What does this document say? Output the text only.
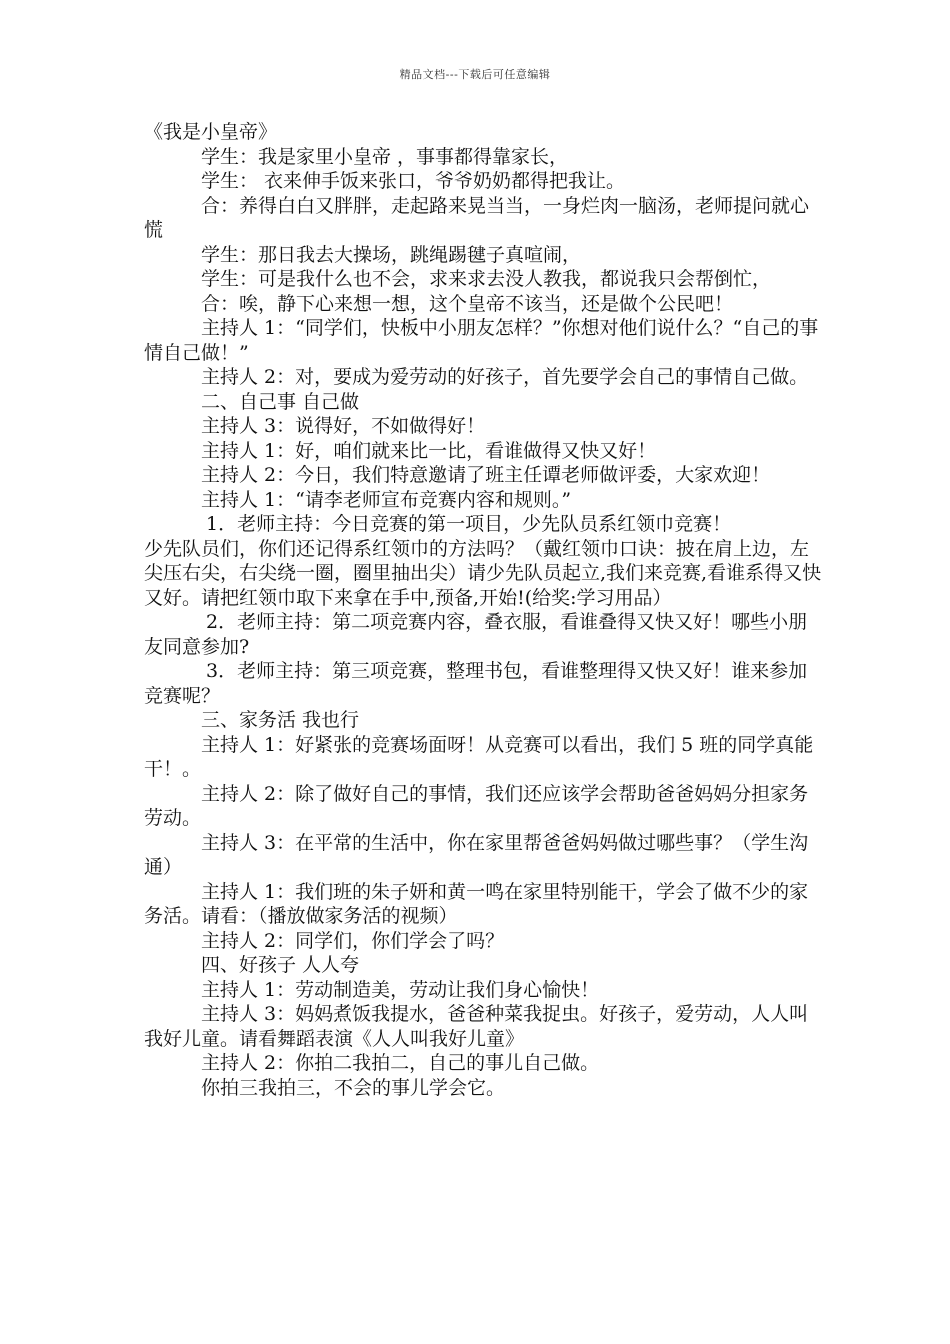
精品文档---下载后可任意编辑

《我是小皇帝》

学生：我是家里小皇帝 ，事事都得靠家长，

学生： 衣来伸手饭来张口，爷爷奶奶都得把我让。

合：养得白白又胖胖，走起路来晃当当，一身烂肉一脑汤，老师提问就心慌

学生：那日我去大操场，跳绳踢毽子真喧闹，

学生：可是我什么也不会，求来求去没人教我，都说我只会帮倒忙，

合：唉，静下心来想一想，这个皇帝不该当，还是做个公民吧！

主持人 1：“同学们，快板中小朋友怎样？”你想对他们说什么？“自己的事情自己做！”

主持人 2：对，要成为爱劳动的好孩子，首先要学会自己的事情自己做。

二、自己事 自己做

主持人 3：说得好，不如做得好！

主持人 1：好，咱们就来比一比，看谁做得又快又好！

主持人 2：今日，我们特意邀请了班主任谭老师做评委，大家欢迎！

主持人 1：“请李老师宣布竞赛内容和规则。”

1．老师主持：今日竞赛的第一项目，少先队员系红领巾竞赛！

少先队员们，你们还记得系红领巾的方法吗？（戴红领巾口诀：披在肩上边，左尖压右尖，右尖绕一圈，圈里抽出尖）请少先队员起立,我们来竞赛,看谁系得又快又好。请把红领巾取下来拿在手中,预备,开始!(给奖:学习用品）

2．老师主持：第二项竞赛内容，叠衣服，看谁叠得又快又好！哪些小朋友同意参加?

3．老师主持：第三项竞赛，整理书包，看谁整理得又快又好！谁来参加竞赛呢？

三、家务活 我也行

主持人 1：好紧张的竞赛场面呀！从竞赛可以看出，我们 5 班的同学真能干！。

主持人 2：除了做好自己的事情，我们还应该学会帮助爸爸妈妈分担家务劳动。

主持人 3：在平常的生活中，你在家里帮爸爸妈妈做过哪些事？（学生沟通）

主持人 1：我们班的朱子妍和黄一鸣在家里特别能干，学会了做不少的家务活。请看：（播放做家务活的视频）

主持人 2：同学们，你们学会了吗？

四、好孩子 人人夸

主持人 1：劳动制造美，劳动让我们身心愉快！

主持人 3：妈妈煮饭我提水，爸爸种菜我捉虫。好孩子，爱劳动，人人叫我好儿童。请看舞蹈表演《人人叫我好儿童》

主持人 2：你拍二我拍二，自己的事儿自己做。

你拍三我拍三，不会的事儿学会它。
